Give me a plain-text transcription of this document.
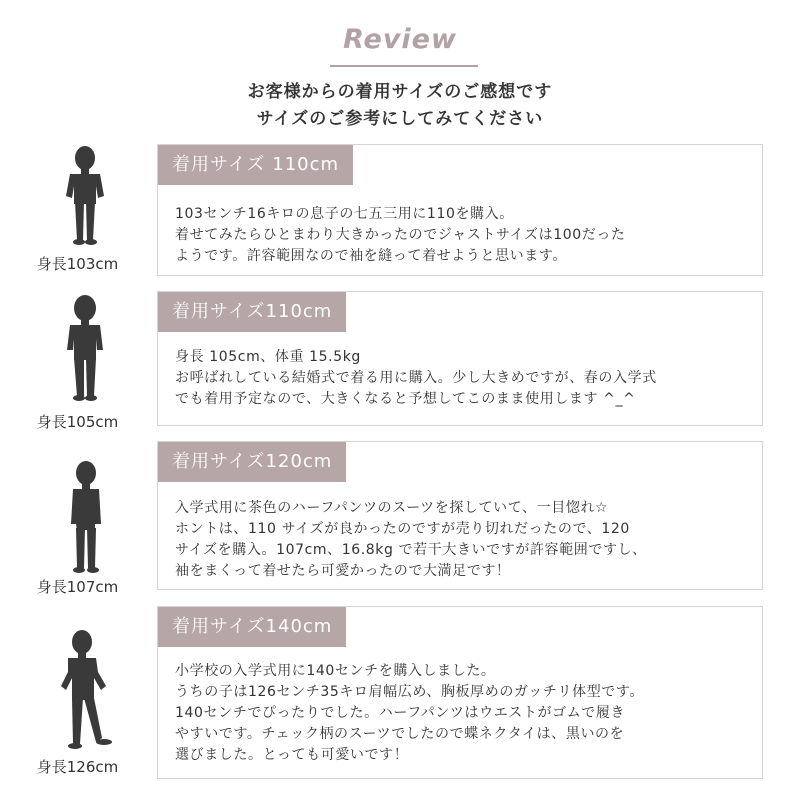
Review
お客様からの着用サイズのご感想です
サイズのご参考にしてみてください
身長103cm
着用サイズ 110cm
103センチ16キロの息子の七五三用に110を購入。
着せてみたらひとまわり大きかったのでジャストサイズは100だった
ようです。許容範囲なので袖を縫って着せようと思います。
身長105cm
着用サイズ110cm
身長 105cm、体重 15.5kg
お呼ばれしている結婚式で着る用に購入。少し大きめですが、春の入学式
でも着用予定なので、大きくなると予想してこのまま使用します ^_^
身長107cm
着用サイズ120cm
入学式用に茶色のハーフパンツのスーツを探していて、一目惚れ☆
ホントは、110 サイズが良かったのですが売り切れだったので、120
サイズを購入。107cm、16.8kg で若干大きいですが許容範囲ですし、
袖をまくって着せたら可愛かったので大満足です！
身長126cm
着用サイズ140cm
小学校の入学式用に140センチを購入しました。
うちの子は126センチ35キロ肩幅広め、胸板厚めのガッチリ体型です。
140センチでぴったりでした。ハーフパンツはウエストがゴムで履き
やすいです。チェック柄のスーツでしたので蝶ネクタイは、黒いのを
選びました。とっても可愛いです！
